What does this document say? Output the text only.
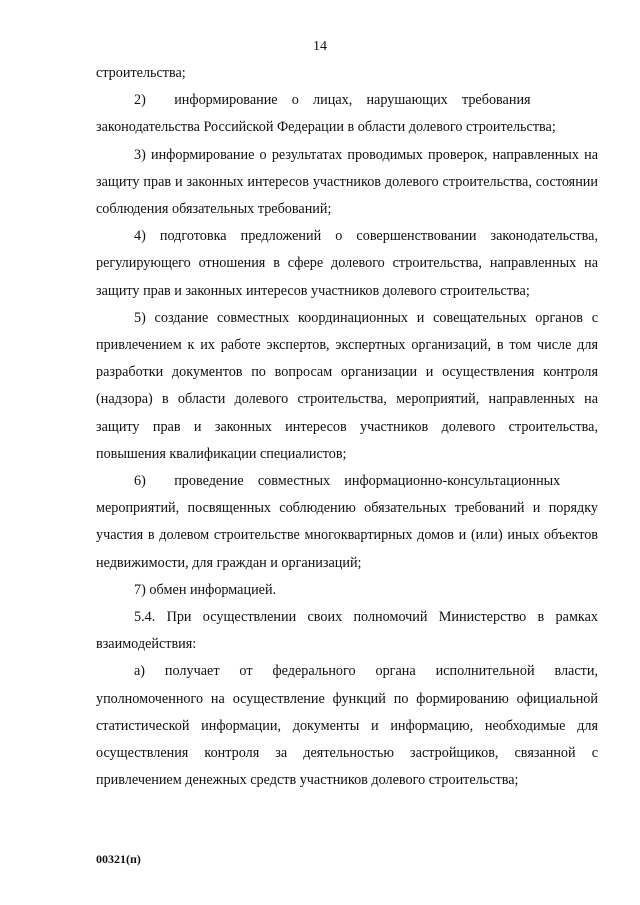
14

строительства;

2)  информирование о лицах, нарушающих требования законодательства Российской Федерации в области долевого строительства;

3) информирование о результатах проводимых проверок, направленных на защиту прав и законных интересов участников долевого строительства, состоянии соблюдения обязательных требований;

4) подготовка предложений о совершенствовании законодательства, регулирующего отношения в сфере долевого строительства, направленных на защиту прав и законных интересов участников долевого строительства;

5) создание совместных координационных и совещательных органов с привлечением к их работе экспертов, экспертных организаций, в том числе для разработки документов по вопросам организации и осуществления контроля (надзора) в области долевого строительства, мероприятий, направленных на защиту прав и законных интересов участников долевого строительства, повышения квалификации специалистов;

6)  проведение совместных информационно-консультационных мероприятий, посвященных соблюдению обязательных требований и порядку участия в долевом строительстве многоквартирных домов и (или) иных объектов недвижимости, для граждан и организаций;

7) обмен информацией.

5.4. При осуществлении своих полномочий Министерство в рамках взаимодействия:

а) получает от федерального органа исполнительной власти, уполномоченного на осуществление функций по формированию официальной статистической информации, документы и информацию, необходимые для осуществления контроля за деятельностью застройщиков, связанной с привлечением денежных средств участников долевого строительства;

00321(п)
